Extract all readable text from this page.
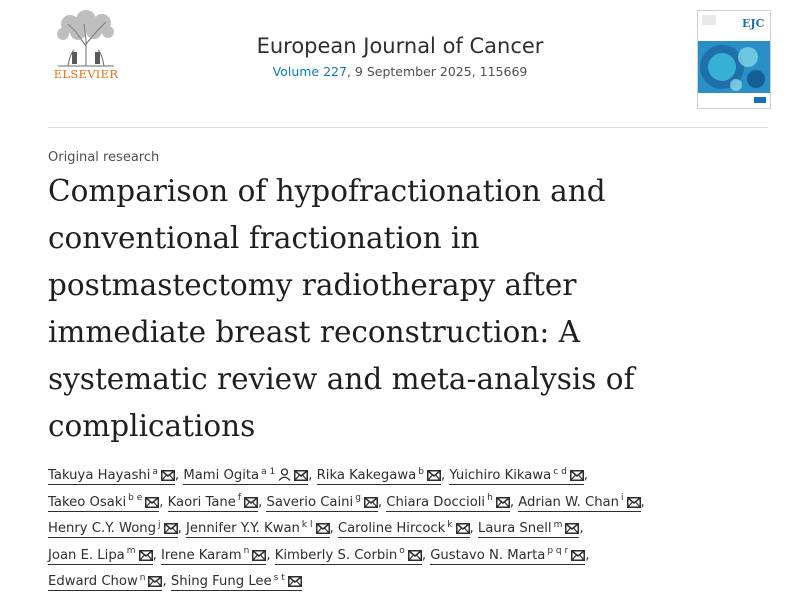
ELSEVIER
European Journal of Cancer
Volume 227, 9 September 2025, 115669
EJC
Original research
Comparison of hypofractionation and
conventional fractionation in
postmastectomy radiotherapy after
immediate breast reconstruction: A
systematic review and meta-analysis of
complications
Takuya Hayashi $^a$ , Mami Ogita $^{a 1}$	, Rika Kakegawa $^b$ , Yuichiro Kikawa $^{c d}$ ,
Takeo Osaki $^{b e}$ , Kaori Tane $^f$ , Saverio Caini $^g$ , Chiara Doccioli $^h$ , Adrian W. Chan $^i$ ,
Henry C.Y. Wong $^j$ , Jennifer Y.Y. Kwan $^{k l}$ , Caroline Hircock $^k$ , Laura Snell $^m$ ,
Joan E. Lipa $^m$ , Irene Karam $^n$ , Kimberly S. Corbin $^o$ , Gustavo N. Marta $^{p q r}$ ,
Edward Chow $^n$ , Shing Fung Lee $^{s t}$
